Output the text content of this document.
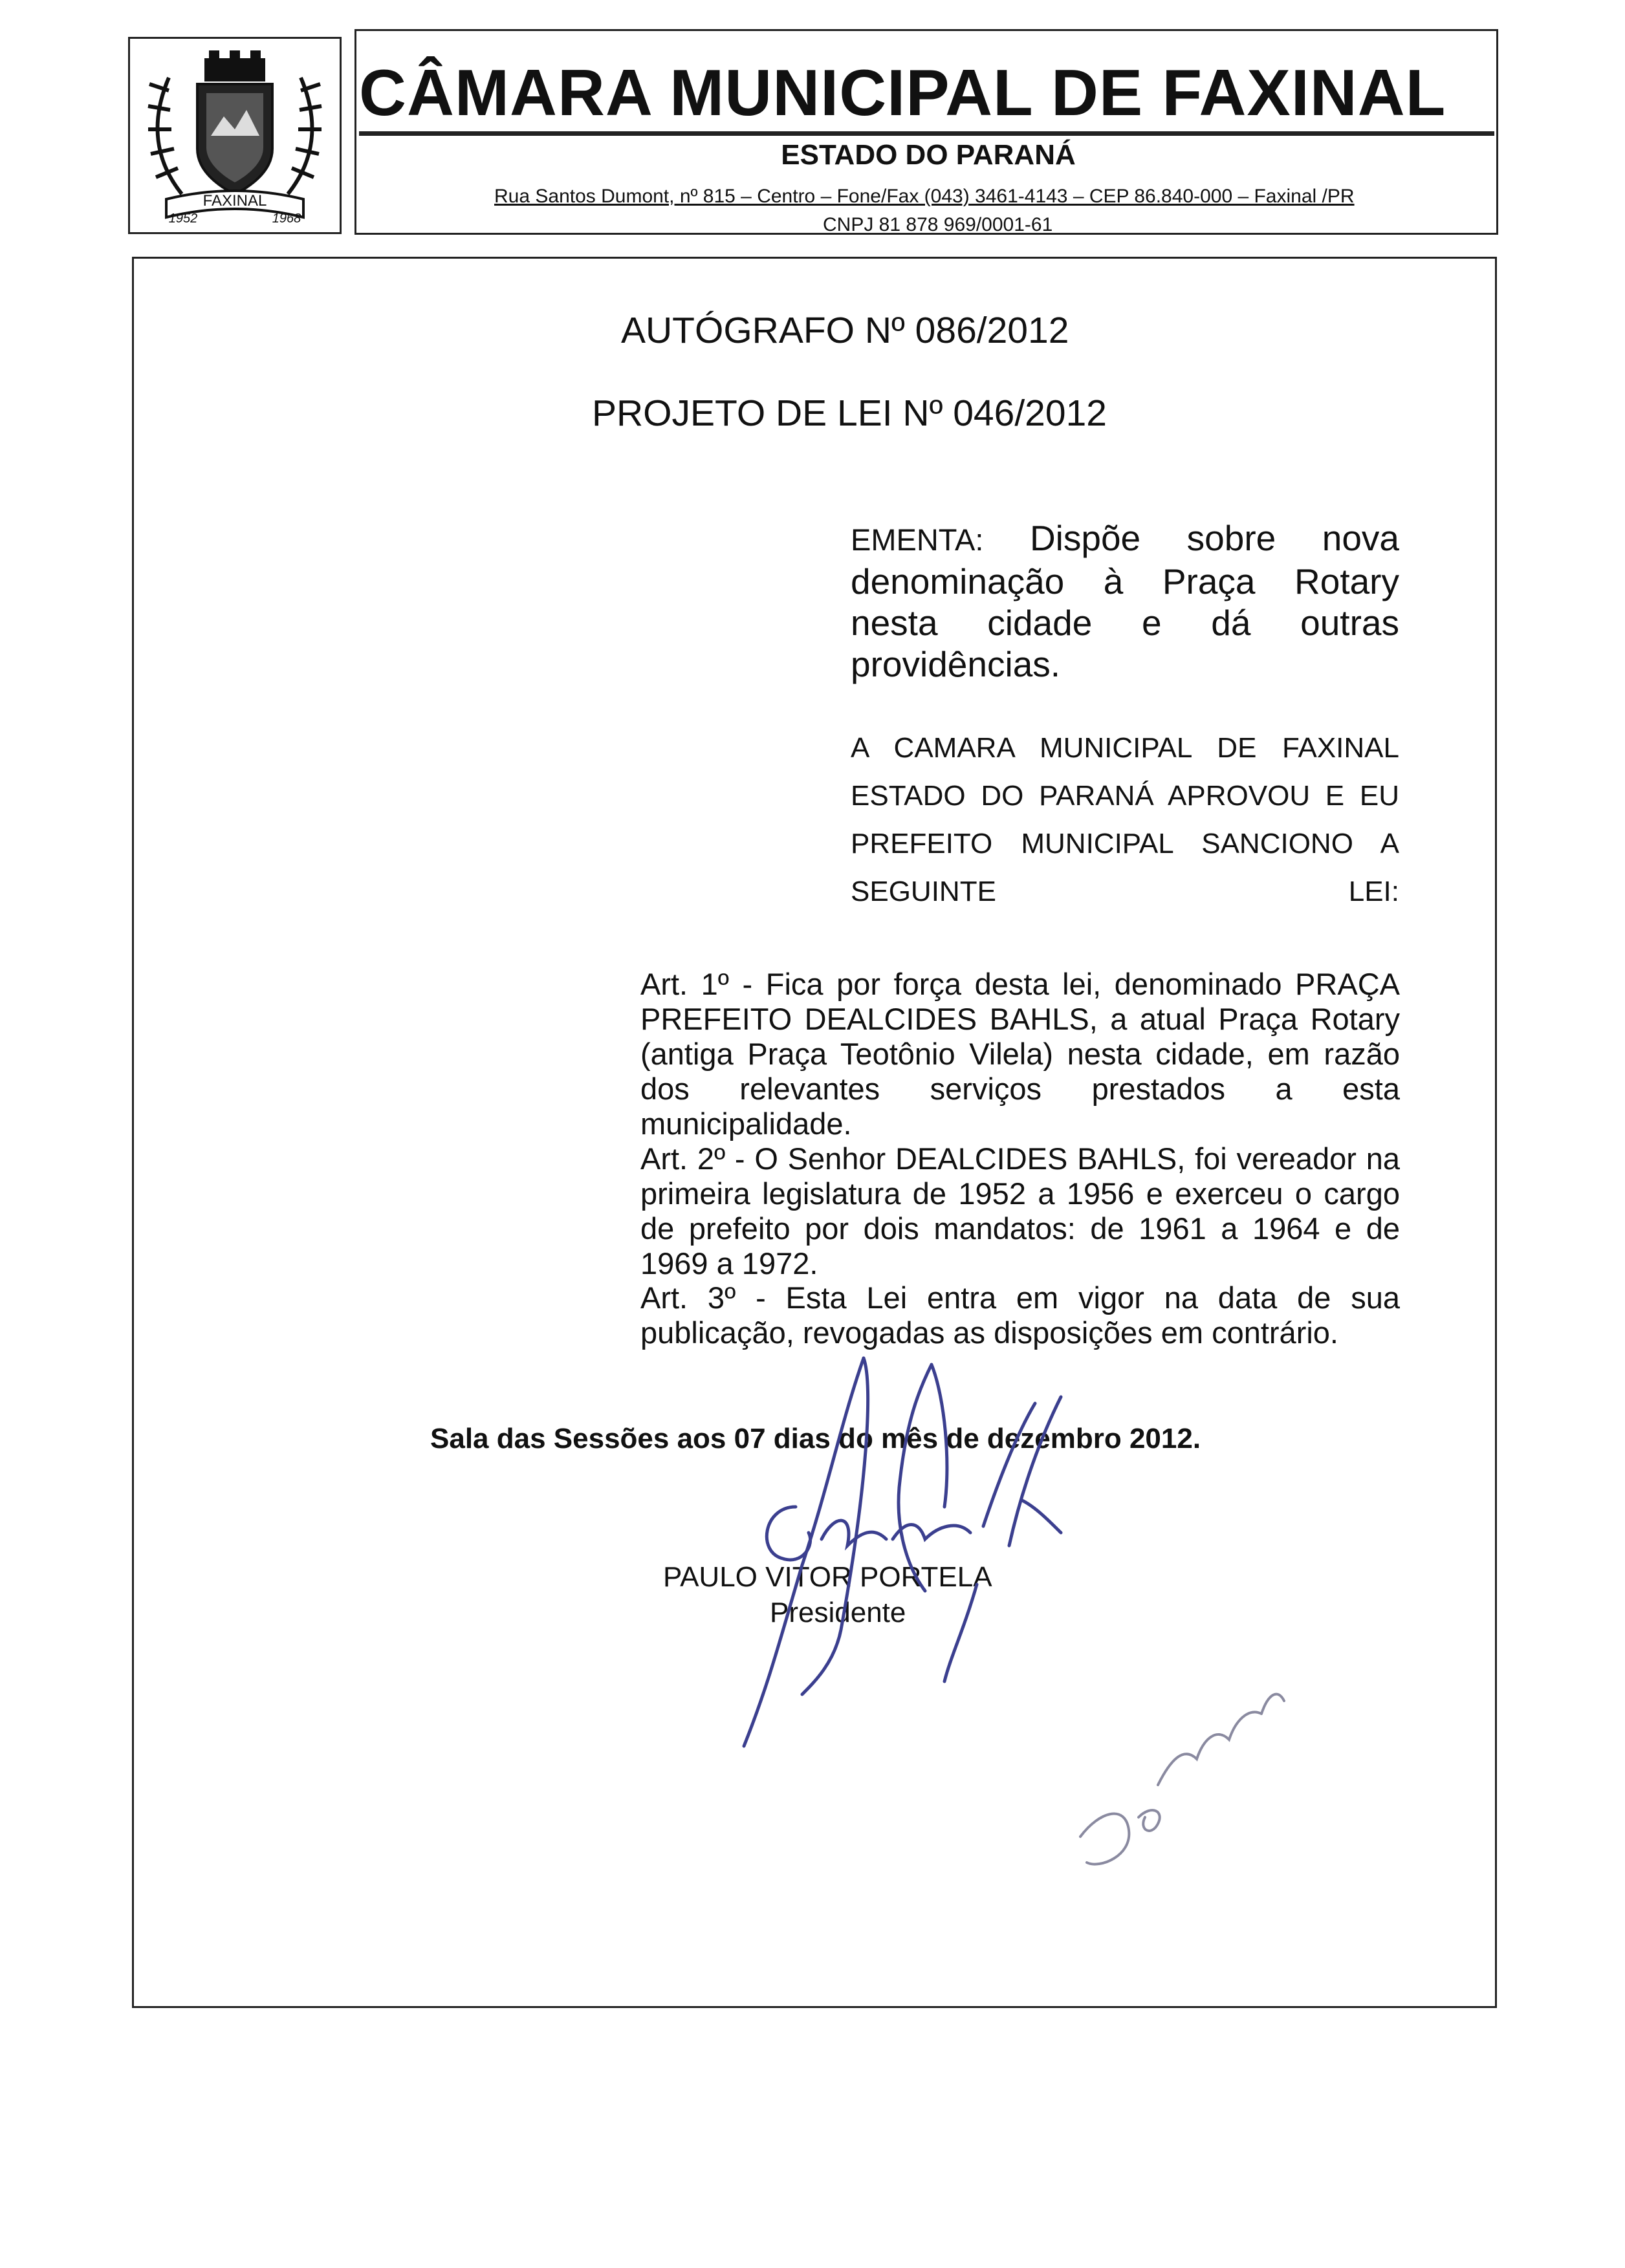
FAXINAL
1952	1968
CÂMARA MUNICIPAL DE FAXINAL
ESTADO DO PARANÁ
Rua Santos Dumont, nº 815 – Centro – Fone/Fax (043) 3461-4143 – CEP 86.840-000 – Faxinal /PR
CNPJ 81 878 969/0001-61
AUTÓGRAFO Nº 086/2012
PROJETO DE LEI Nº 046/2012
EMENTA: Dispõe sobre nova denominação à Praça Rotary nesta cidade e dá outras providências.
A CAMARA MUNICIPAL DE FAXINAL ESTADO DO PARANÁ APROVOU E EU PREFEITO MUNICIPAL SANCIONO A SEGUINTE LEI:
Art. 1º - Fica por força desta lei, denominado PRAÇA PREFEITO DEALCIDES BAHLS, a atual Praça Rotary (antiga Praça Teotônio Vilela) nesta cidade, em razão dos relevantes serviços prestados a esta municipalidade.
Art. 2º - O Senhor DEALCIDES BAHLS, foi vereador na primeira legislatura de 1952 a 1956 e exerceu o cargo de prefeito por dois mandatos: de 1961 a 1964 e de 1969 a 1972.
Art. 3º - Esta Lei entra em vigor na data de sua publicação, revogadas as disposições em contrário.
Sala das Sessões aos 07 dias do mês de dezembro 2012.
PAULO VITOR PORTELA
Presidente
